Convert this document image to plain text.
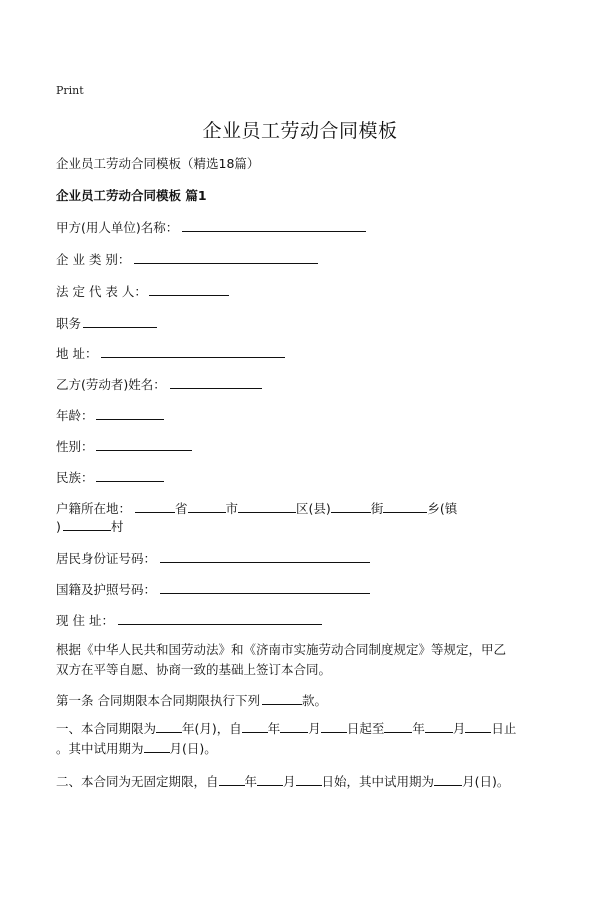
Print
企业员工劳动合同模板
企业员工劳动合同模板（精选18篇）
企业员工劳动合同模板 篇1
甲方(用人单位)名称：
企 业 类 别：
法 定 代 表 人：
职务
地 址：
乙方(劳动者)姓名：
年龄：
性别：
民族：
户籍所在地：	省	市	区(县)	街	乡(镇
)	村
居民身份证号码：
国籍及护照号码：
现 住 址：
根据《中华人民共和国劳动法》和《济南市实施劳动合同制度规定》等规定，甲乙
双方在平等自愿、协商一致的基础上签订本合同。
第一条 合同期限本合同期限执行下列	款。
一、本合同期限为 年(月)，自 年 月 日起至 年 月 日止
。其中试用期为 月(日)。
二、本合同为无固定期限，自 年 月 日始，其中试用期为 月(日)。
